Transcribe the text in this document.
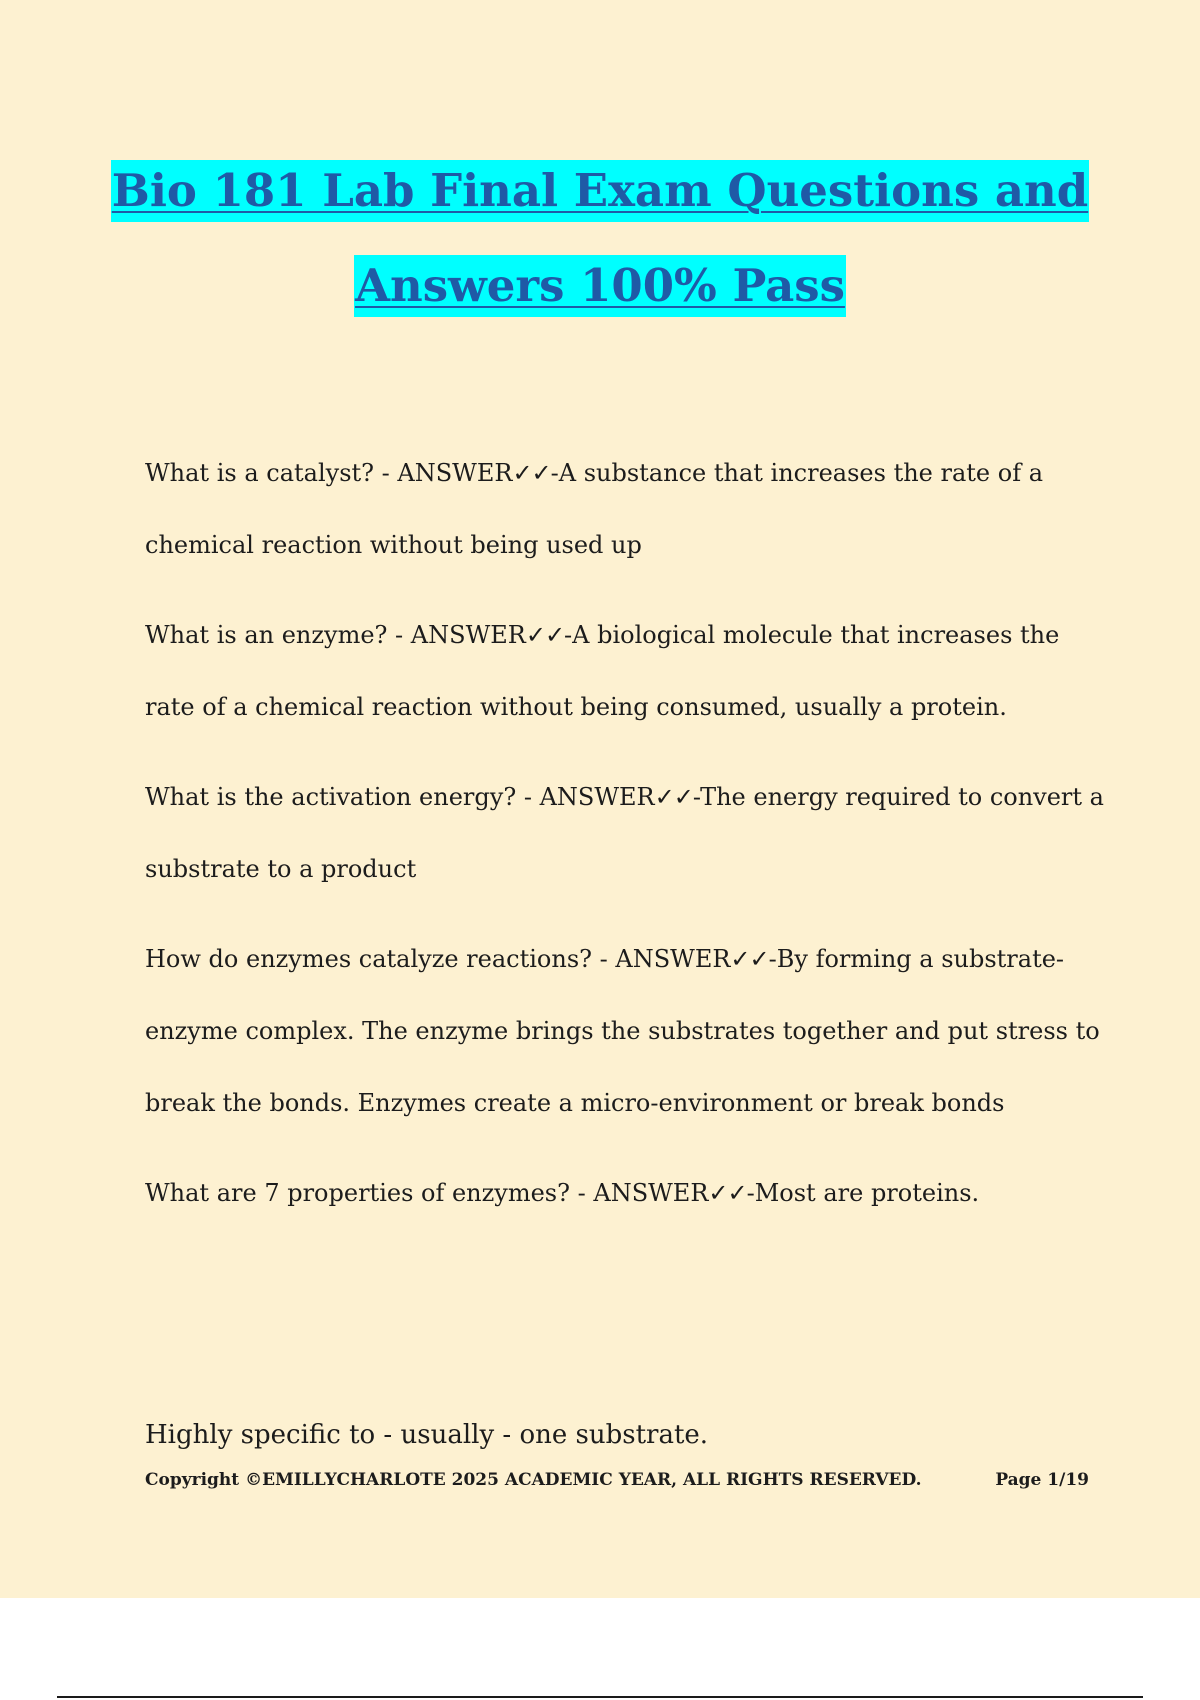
Bio 181 Lab Final Exam Questions and
Answers 100% Pass

What is a catalyst? - ANSWER✓✓-A substance that increases the rate of a chemical reaction without being used up

What is an enzyme? - ANSWER✓✓-A biological molecule that increases the rate of a chemical reaction without being consumed, usually a protein.

What is the activation energy? - ANSWER✓✓-The energy required to convert a substrate to a product

How do enzymes catalyze reactions? - ANSWER✓✓-By forming a substrate-enzyme complex. The enzyme brings the substrates together and put stress to break the bonds. Enzymes create a micro-environment or break bonds

What are 7 properties of enzymes? - ANSWER✓✓-Most are proteins.

Highly specific to - usually - one substrate.
Copyright ©EMILLYCHARLOTE 2025 ACADEMIC YEAR, ALL RIGHTS RESERVED.	Page 1/19
